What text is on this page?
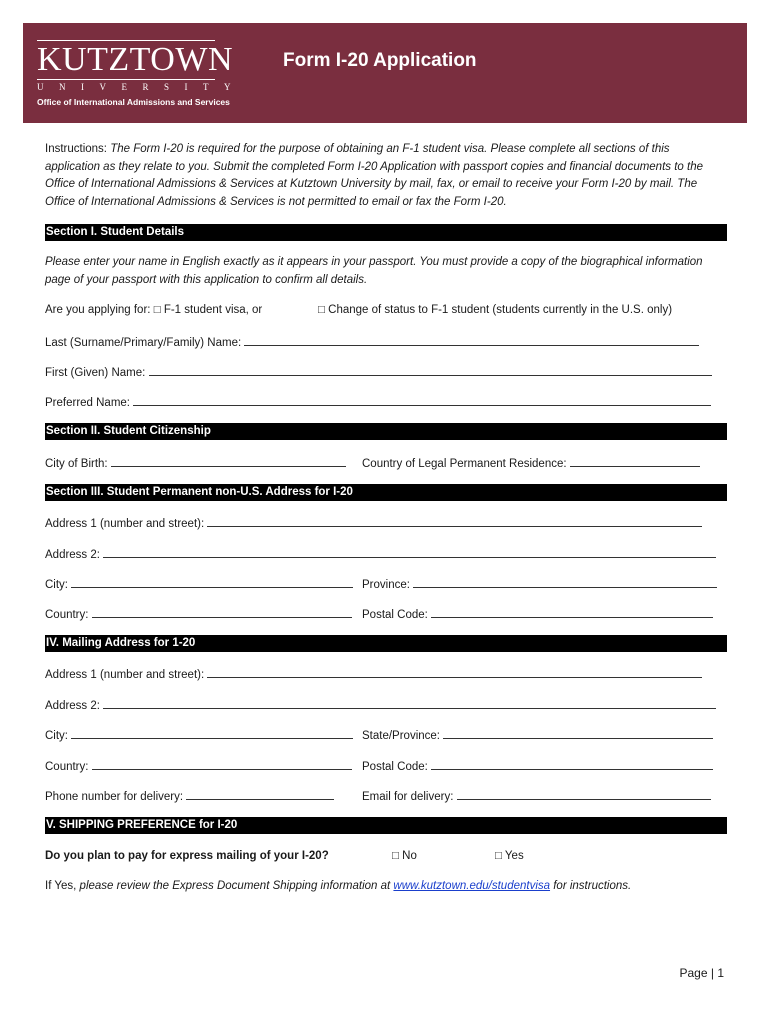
KUTZTOWN
UNIVERSITY
Office of International Admissions and Services
Form I-20 Application
Instructions: The Form I-20 is required for the purpose of obtaining an F-1 student visa. Please complete all sections of this application as they relate to you. Submit the completed Form I-20 Application with passport copies and financial documents to the Office of International Admissions & Services at Kutztown University by mail, fax, or email to receive your Form I-20 by mail. The Office of International Admissions & Services is not permitted to email or fax the Form I-20.
Section I. Student Details
Please enter your name in English exactly as it appears in your passport. You must provide a copy of the biographical information page of your passport with this application to confirm all details.
Are you applying for: □ F-1 student visa, or	□ Change of status to F-1 student (students currently in the U.S. only)
Last (Surname/Primary/Family) Name:
First (Given) Name:
Preferred Name:
Section II. Student Citizenship
City of Birth:	Country of Legal Permanent Residence:
Section III. Student Permanent non-U.S. Address for I-20
Address 1 (number and street):
Address 2:
City:	Province:
Country:	Postal Code:
IV. Mailing Address for 1-20
Address 1 (number and street):
Address 2:
City:	State/Province:
Country:	Postal Code:
Phone number for delivery:	Email for delivery:
V. SHIPPING PREFERENCE for I-20
Do you plan to pay for express mailing of your I-20?	□ No	□ Yes
If Yes, please review the Express Document Shipping information at www.kutztown.edu/studentvisa for instructions.
Page | 1
